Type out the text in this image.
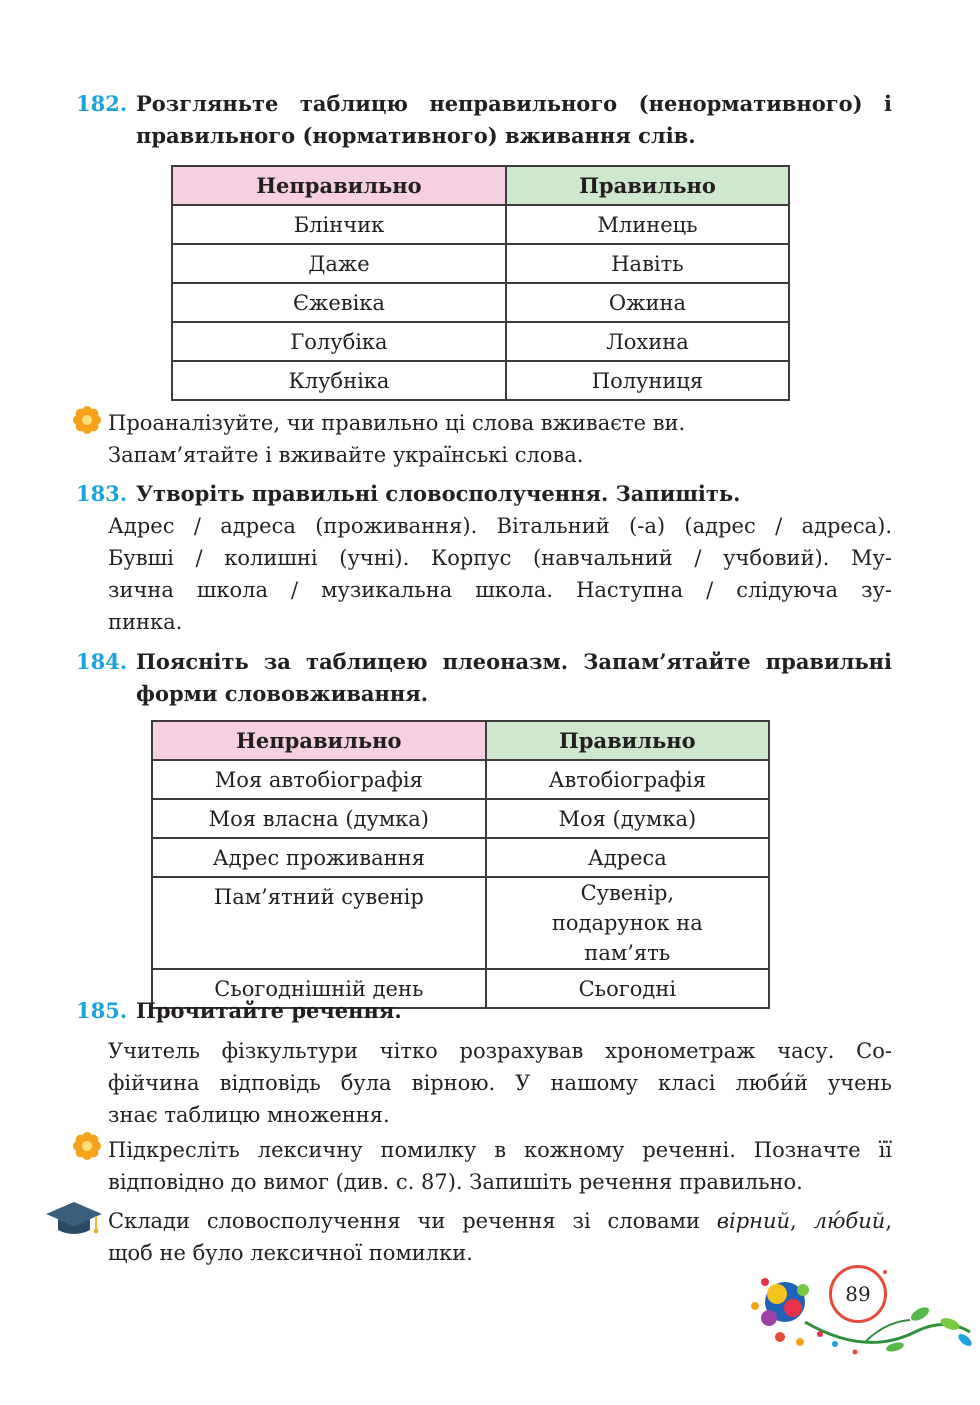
182. Розгляньте таблицю неправильного (ненормативного) і правильного (нормативного) вживання слів.
Неправильно	Правильно
Блінчик	Млинець
Даже	Навіть
Єжевіка	Ожина
Голубіка	Лохина
Клубніка	Полуниця
Проаналізуйте, чи правильно ці слова вживаєте ви.
Запам’ятайте і вживайте українські слова.
183. Утворіть правильні словосполучення. Запишіть.
Адрес / адреса (проживання). Вітальний (-а) (адрес / адреса).
Бувші / колишні (учні). Корпус (навчальний / учбовий). Му-
зична школа / музикальна школа. Наступна / слідуюча зу-
пинка.
184. Поясніть за таблицею плеоназм. Запам’ятайте правильні
форми слововживання.
Неправильно	Правильно
Моя автобіографія	Автобіографія
Моя власна (думка)	Моя (думка)
Адрес проживання	Адреса
Пам’ятний сувенір	Сувенір, подарунок на пам’ять
Сьогоднішній день	Сьогодні
185. Прочитайте речення.
Учитель фізкультури чітко розрахував хронометраж часу. Со-
фійчина відповідь була вірною. У нашому класі люби́й учень
знає таблицю множення.
Підкресліть лексичну помилку в кожному реченні. Позначте її
відповідно до вимог (див. с. 87). Запишіть речення правильно.
Склади словосполучення чи речення зі словами вірний, лю́бий,
щоб не було лексичної помилки.
89
